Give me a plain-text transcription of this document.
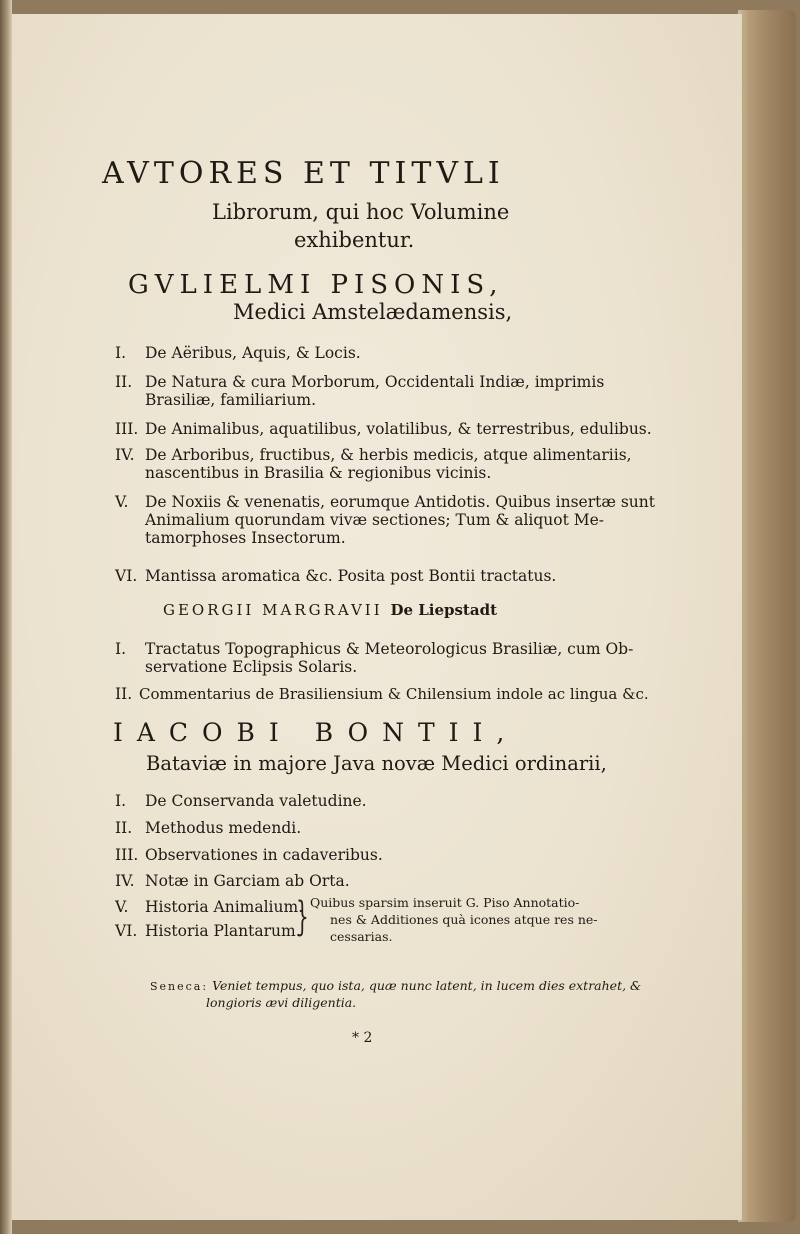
AVTORES ET TITVLI
Librorum, qui hoc Volumine
exhibentur.
GVLIELMI PISONIS,
Medici Amstelædamensis,
I. De Aëribus, Aquis, & Locis.
II. De Natura & cura Morborum, Occidentali Indiæ, imprimis
Brasiliæ, familiarium.
III. De Animalibus, aquatilibus, volatilibus, & terrestribus, edulibus.
IV. De Arboribus, fructibus, & herbis medicis, atque alimentariis,
nascentibus in Brasilia & regionibus vicinis.
V. De Noxiis & venenatis, eorumque Antidotis. Quibus insertæ sunt
Animalium quorundam vivæ sectiones; Tum & aliquot Me-
tamorphoses Insectorum.
VI. Mantissa aromatica &c. Posita post Bontii tractatus.
GEORGII MARGRAVII De Liepstadt
I. Tractatus Topographicus & Meteorologicus Brasiliæ, cum Ob-
servatione Eclipsis Solaris.
II. Commentarius de Brasiliensium & Chilensium indole ac lingua &c.
IACOBI BONTII,
Bataviæ in majore Java novæ Medici ordinarii,
I. De Conservanda valetudine.
II. Methodus medendi.
III. Observationes in cadaveribus.
IV. Notæ in Garciam ab Orta.
V. Historia Animalium.
VI. Historia Plantarum.
} Quibus sparsim inseruit G. Piso Annotatio-
nes & Additiones quà icones atque res ne-
cessarias.
Seneca: Veniet tempus, quo ista, quæ nunc latent, in lucem dies extrahet, &
longioris ævi diligentia.
* 2
